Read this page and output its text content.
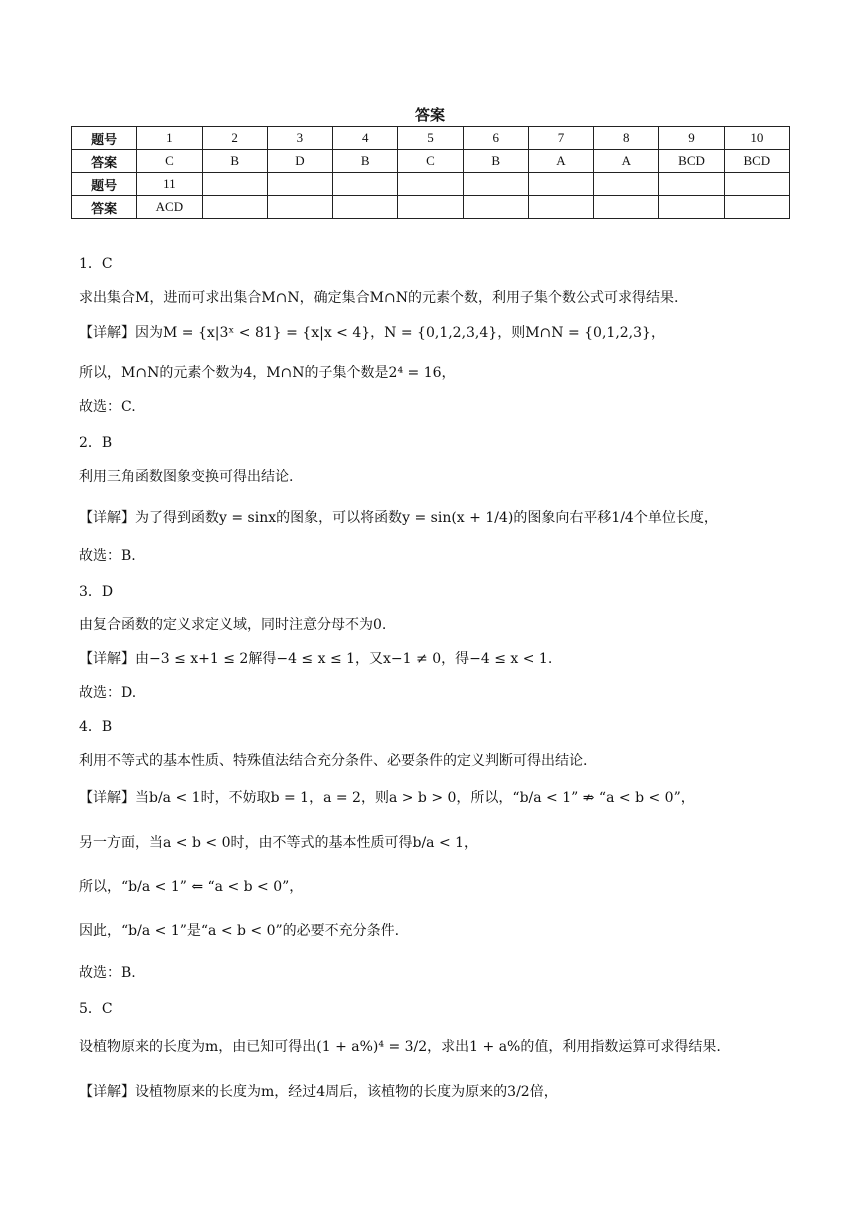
答案
题号	1	2	3	4	5	6	7	8	9	10
答案	C	B	D	B	C	B	A	A	BCD	BCD
题号	11									
答案	ACD									
1．C
求出集合M，进而可求出集合M∩N，确定集合M∩N的元素个数，利用子集个数公式可求得结果.
【详解】因为M = {x|3ˣ < 81} = {x|x < 4}，N = {0,1,2,3,4}，则M∩N = {0,1,2,3}，
所以，M∩N的元素个数为4，M∩N的子集个数是2⁴ = 16，
故选：C.
2．B
利用三角函数图象变换可得出结论.
【详解】为了得到函数y = sinx的图象，可以将函数y = sin(x + 1/4)的图象向右平移1/4个单位长度，
故选：B.
3．D
由复合函数的定义求定义域，同时注意分母不为0.
【详解】由−3 ≤ x+1 ≤ 2解得−4 ≤ x ≤ 1，又x−1 ≠ 0，得−4 ≤ x < 1.
故选：D.
4．B
利用不等式的基本性质、特殊值法结合充分条件、必要条件的定义判断可得出结论.
【详解】当b/a < 1时，不妨取b = 1，a = 2，则a > b > 0，所以，“b/a < 1” ⇏ “a < b < 0”，
另一方面，当a < b < 0时，由不等式的基本性质可得b/a < 1，
所以，“b/a < 1” ⇐ “a < b < 0”，
因此，“b/a < 1”是“a < b < 0”的必要不充分条件.
故选：B.
5．C
设植物原来的长度为m，由已知可得出(1 + a%)⁴ = 3/2，求出1 + a%的值，利用指数运算可求得结果.
【详解】设植物原来的长度为m，经过4周后，该植物的长度为原来的3/2倍，
